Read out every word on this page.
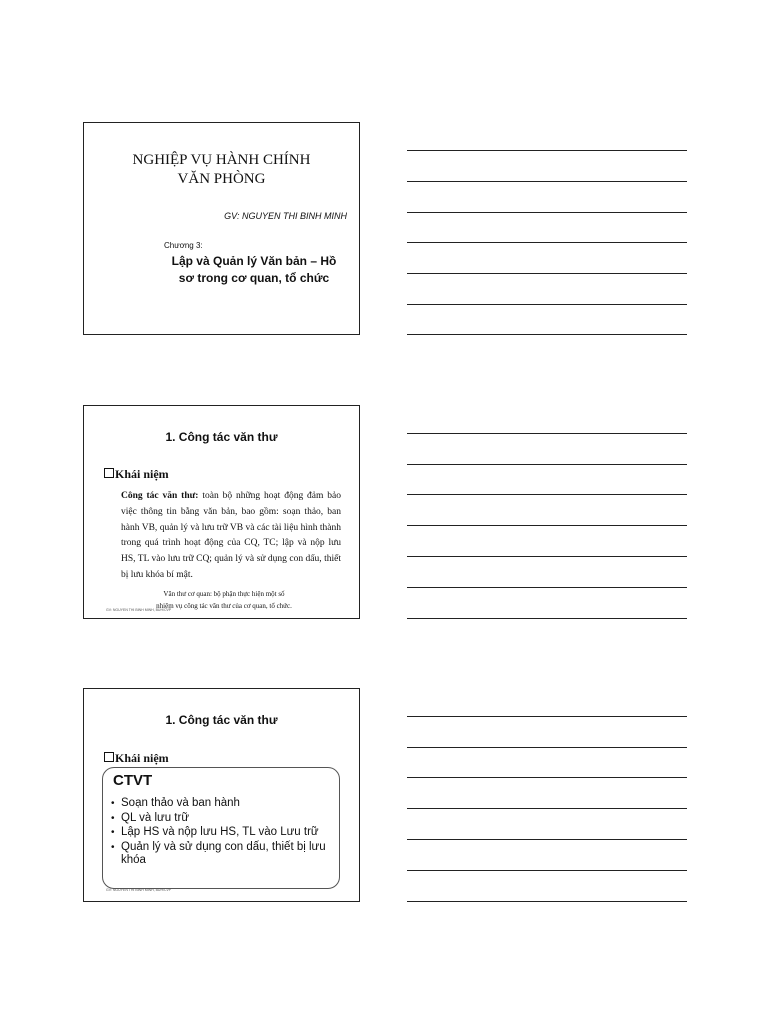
NGHIỆP VỤ HÀNH CHÍNH
VĂN PHÒNG
GV: NGUYEN THI BINH MINH
Chương 3:
Lập và Quản lý Văn bản – Hồ
sơ trong cơ quan, tổ chức
1. Công tác văn thư
Khái niệm
Công tác văn thư: toàn bộ những hoạt động đảm bảo việc thông tin bằng văn bản, bao gồm: soạn thảo, ban hành VB, quản lý và lưu trữ VB và các tài liệu hình thành trong quá trình hoạt động của CQ, TC; lập và nộp lưu HS, TL vào lưu trữ CQ; quản lý và sử dụng con dấu, thiết bị lưu khóa bí mật.
Văn thư cơ quan: bộ phận thực hiện một số
nhiệm vụ công tác văn thư của cơ quan, tổ chức.
GV: NGUYEN THI BINH MINH, BUH/CVP
1. Công tác văn thư
Khái niệm
CTVT
• Soạn thảo và ban hành
• QL và lưu trữ
• Lập HS và nộp lưu HS, TL vào Lưu trữ
• Quản lý và sử dụng con dấu, thiết bị lưu khóa
GV: NGUYEN THI BINH MINH, BUH/CVP
